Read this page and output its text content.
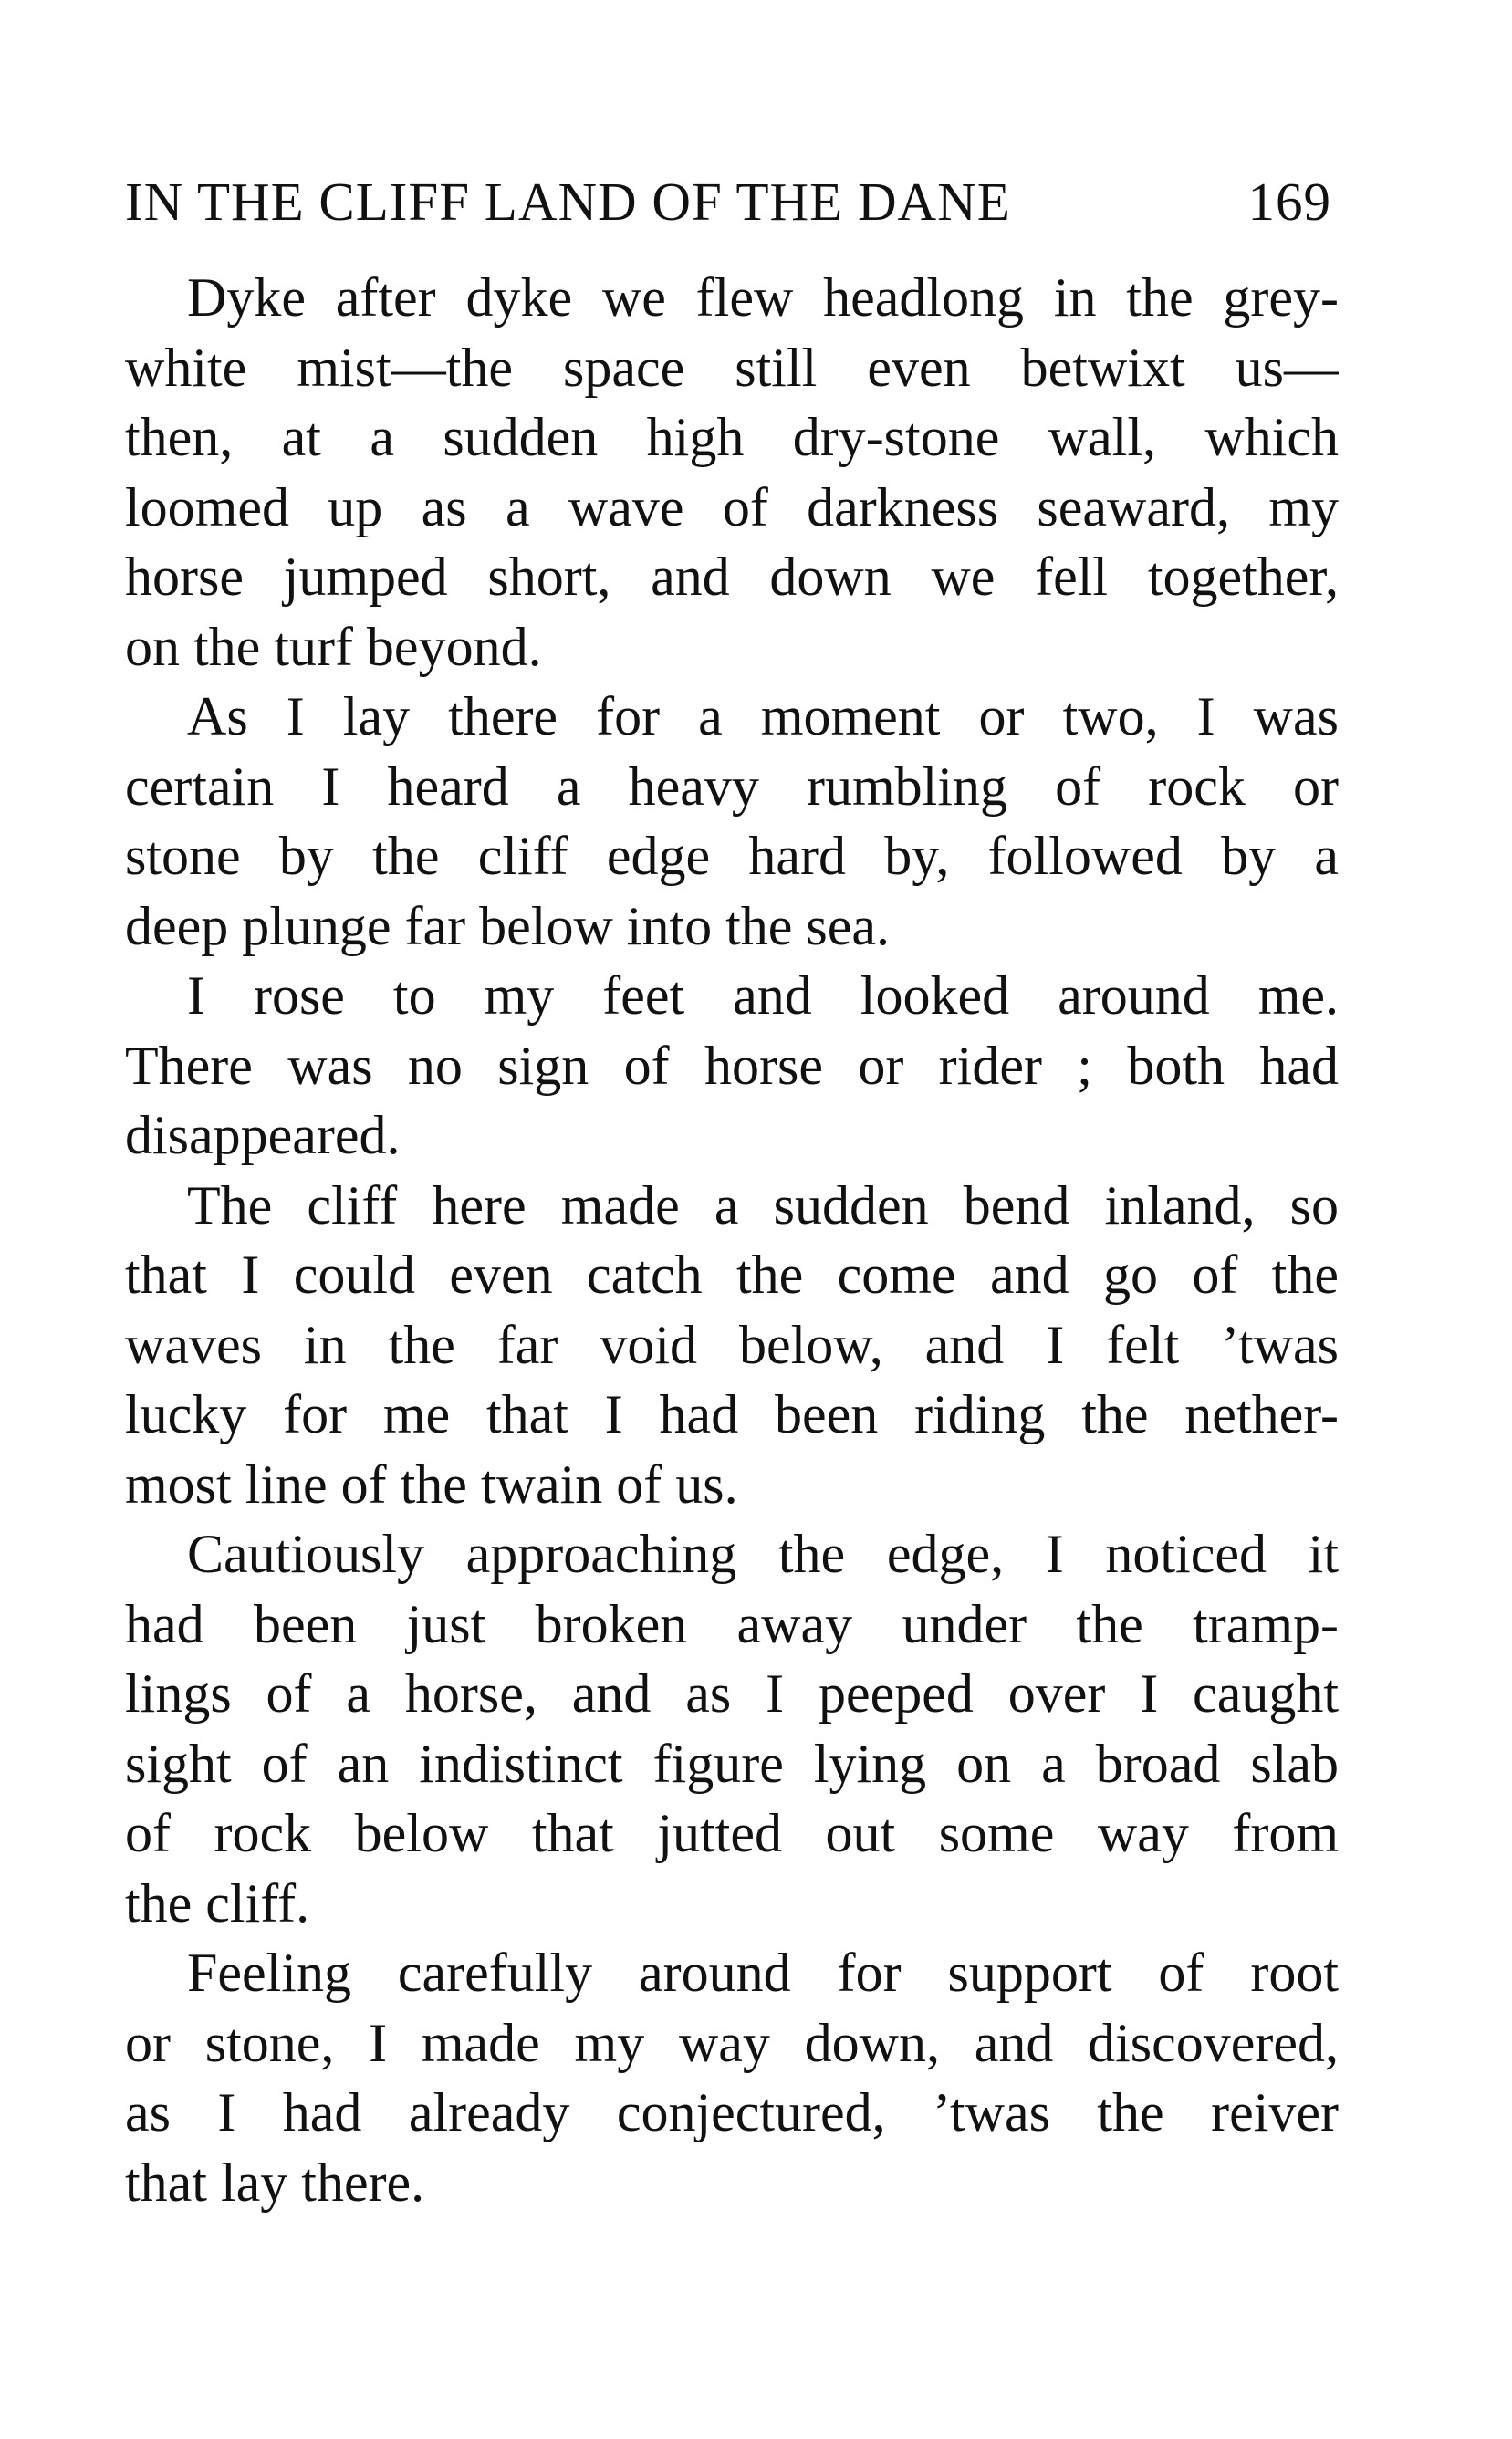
IN THE CLIFF LAND OF THE DANE	169

Dyke after dyke we flew headlong in the grey-
white mist—the space still even betwixt us—
then, at a sudden high dry-stone wall, which
loomed up as a wave of darkness seaward, my
horse jumped short, and down we fell together,
on the turf beyond.

As I lay there for a moment or two, I was
certain I heard a heavy rumbling of rock or
stone by the cliff edge hard by, followed by a
deep plunge far below into the sea.

I rose to my feet and looked around me.
There was no sign of horse or rider ; both had
disappeared.

The cliff here made a sudden bend inland, so
that I could even catch the come and go of the
waves in the far void below, and I felt ’twas
lucky for me that I had been riding the nether-
most line of the twain of us.

Cautiously approaching the edge, I noticed it
had been just broken away under the tramp-
lings of a horse, and as I peeped over I caught
sight of an indistinct figure lying on a broad slab
of rock below that jutted out some way from
the cliff.

Feeling carefully around for support of root
or stone, I made my way down, and discovered,
as I had already conjectured, ’twas the reiver
that lay there.
